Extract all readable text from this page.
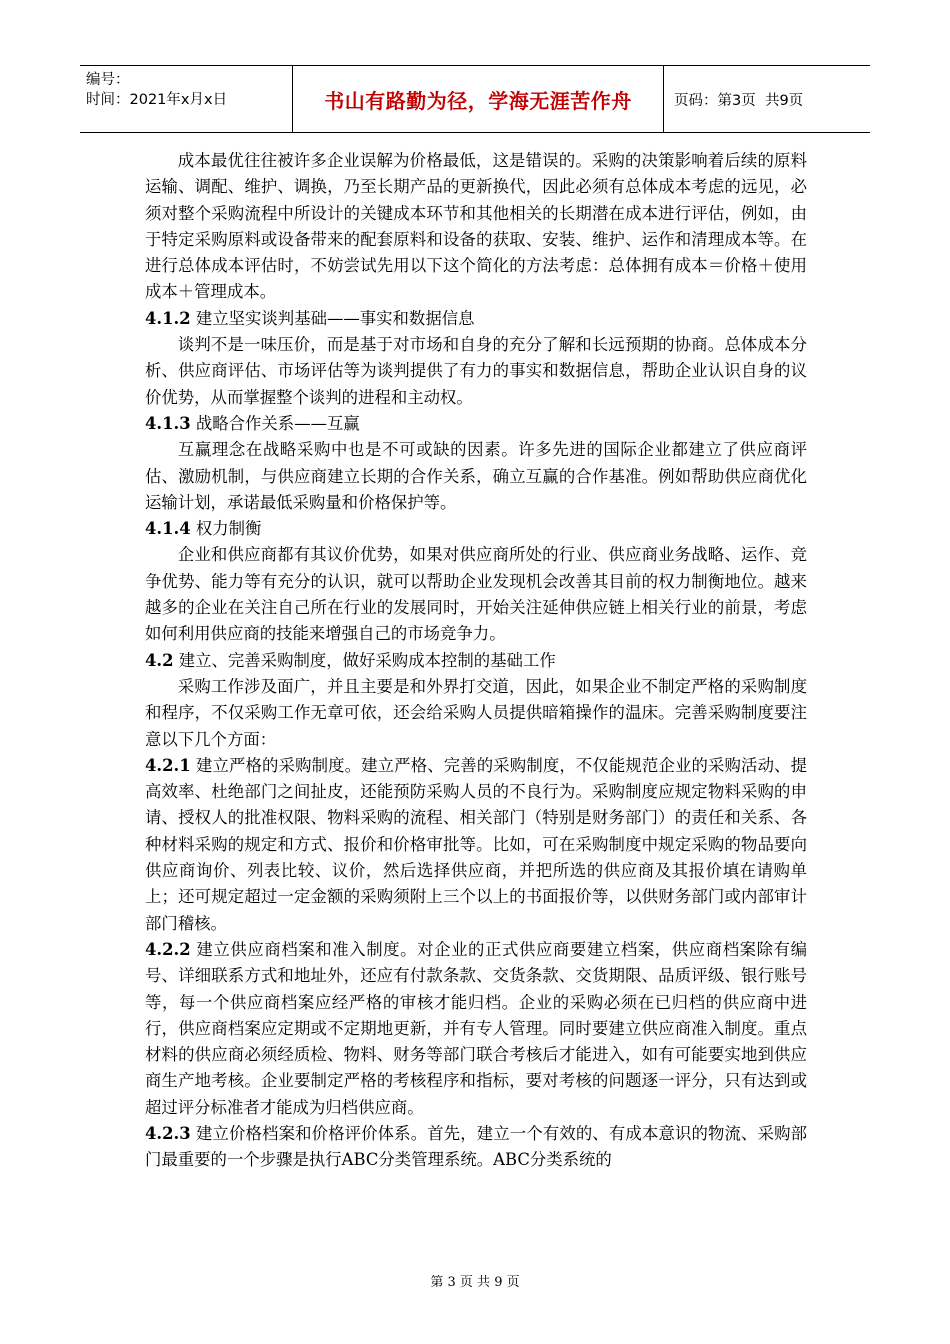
编号：
时间：2021年x月x日	书山有路勤为径，学海无涯苦作舟	页码：第3页  共9页

成本最优往往被许多企业误解为价格最低，这是错误的。采购的决策影响着后续的原料运输、调配、维护、调换，乃至长期产品的更新换代，因此必须有总体成本考虑的远见，必须对整个采购流程中所设计的关键成本环节和其他相关的长期潜在成本进行评估，例如，由于特定采购原料或设备带来的配套原料和设备的获取、安装、维护、运作和清理成本等。在进行总体成本评估时，不妨尝试先用以下这个简化的方法考虑：总体拥有成本＝价格＋使用成本＋管理成本。

4.1.2 建立坚实谈判基础——事实和数据信息

谈判不是一味压价，而是基于对市场和自身的充分了解和长远预期的协商。总体成本分析、供应商评估、市场评估等为谈判提供了有力的事实和数据信息，帮助企业认识自身的议价优势，从而掌握整个谈判的进程和主动权。

4.1.3 战略合作关系——互赢

互赢理念在战略采购中也是不可或缺的因素。许多先进的国际企业都建立了供应商评估、激励机制，与供应商建立长期的合作关系，确立互赢的合作基准。例如帮助供应商优化运输计划，承诺最低采购量和价格保护等。

4.1.4 权力制衡

企业和供应商都有其议价优势，如果对供应商所处的行业、供应商业务战略、运作、竞争优势、能力等有充分的认识，就可以帮助企业发现机会改善其目前的权力制衡地位。越来越多的企业在关注自己所在行业的发展同时，开始关注延伸供应链上相关行业的前景，考虑如何利用供应商的技能来增强自己的市场竞争力。

4.2 建立、完善采购制度，做好采购成本控制的基础工作

采购工作涉及面广，并且主要是和外界打交道，因此，如果企业不制定严格的采购制度和程序，不仅采购工作无章可依，还会给采购人员提供暗箱操作的温床。完善采购制度要注意以下几个方面：

4.2.1 建立严格的采购制度。建立严格、完善的采购制度，不仅能规范企业的采购活动、提高效率、杜绝部门之间扯皮，还能预防采购人员的不良行为。采购制度应规定物料采购的申请、授权人的批准权限、物料采购的流程、相关部门（特别是财务部门）的责任和关系、各种材料采购的规定和方式、报价和价格审批等。比如，可在采购制度中规定采购的物品要向供应商询价、列表比较、议价，然后选择供应商，并把所选的供应商及其报价填在请购单上；还可规定超过一定金额的采购须附上三个以上的书面报价等，以供财务部门或内部审计部门稽核。

4.2.2 建立供应商档案和准入制度。对企业的正式供应商要建立档案，供应商档案除有编号、详细联系方式和地址外，还应有付款条款、交货条款、交货期限、品质评级、银行账号等，每一个供应商档案应经严格的审核才能归档。企业的采购必须在已归档的供应商中进行，供应商档案应定期或不定期地更新，并有专人管理。同时要建立供应商准入制度。重点材料的供应商必须经质检、物料、财务等部门联合考核后才能进入，如有可能要实地到供应商生产地考核。企业要制定严格的考核程序和指标，要对考核的问题逐一评分，只有达到或超过评分标准者才能成为归档供应商。

4.2.3 建立价格档案和价格评价体系。首先，建立一个有效的、有成本意识的物流、采购部门最重要的一个步骤是执行ABC分类管理系统。ABC分类系统的

第 3 页 共 9 页
